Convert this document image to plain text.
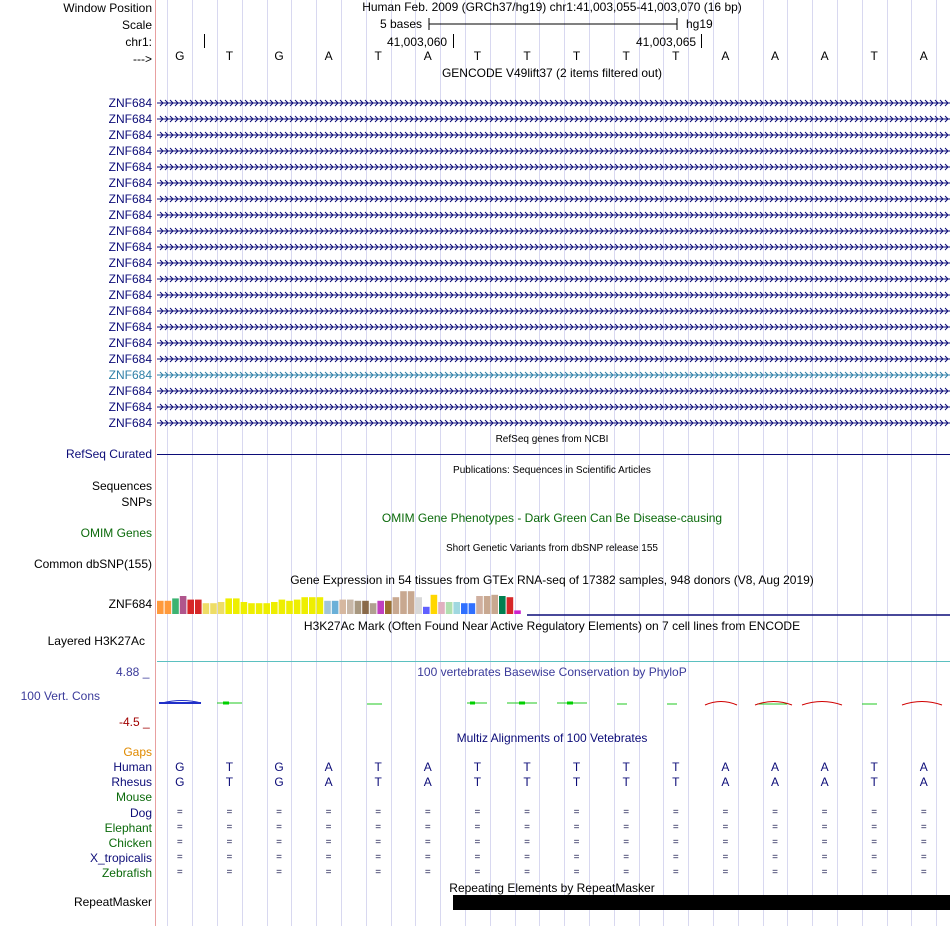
Window Position	Human Feb. 2009 (GRCh37/hg19) chr1:41,003,055-41,003,070 (16 bp)
Scale	5 bases	hg19
chr1:	41,003,060	41,003,065
---> G	T	G	A	T	A	T	T	T	T	T	A	A	A	T	A
GENCODE V49lift37 (2 items filtered out)
ZNF684
ZNF684
ZNF684
ZNF684
ZNF684
ZNF684
ZNF684
ZNF684
ZNF684
ZNF684
ZNF684
ZNF684
ZNF684
ZNF684
ZNF684
ZNF684
ZNF684
ZNF684
ZNF684
ZNF684
ZNF684
RefSeq genes from NCBI
RefSeq Curated
Publications: Sequences in Scientific Articles
Sequences
SNPs
OMIM Gene Phenotypes - Dark Green Can Be Disease-causing
OMIM Genes
Short Genetic Variants from dbSNP release 155
Common dbSNP(155)
Gene Expression in 54 tissues from GTEx RNA-seq of 17382 samples, 948 donors (V8, Aug 2019)
ZNF684
H3K27Ac Mark (Often Found Near Active Regulatory Elements) on 7 cell lines from ENCODE
Layered H3K27Ac
4.88 _	100 vertebrates Basewise Conservation by PhyloP
100 Vert. Cons
-4.5 _
Gaps
Multiz Alignments of 100 Vetebrates
Human G	T	G	A	T	A	T	T	T	T	T	A	A	A	T	A
Rhesus G	T	G	A	T	A	T	T	T	T	T	A	A	A	T	A
Mouse
Dog =	=	=	=	=	=	=	=	=	=	=	=	=	=	=	=
Elephant =	=	=	=	=	=	=	=	=	=	=	=	=	=	=	=
Chicken =	=	=	=	=	=	=	=	=	=	=	=	=	=	=	=
X_tropicalis =	=	=	=	=	=	=	=	=	=	=	=	=	=	=	=
Zebrafish =	=	=	=	=	=	=	=	=	=	=	=	=	=	=	=
Repeating Elements by RepeatMasker
RepeatMasker
